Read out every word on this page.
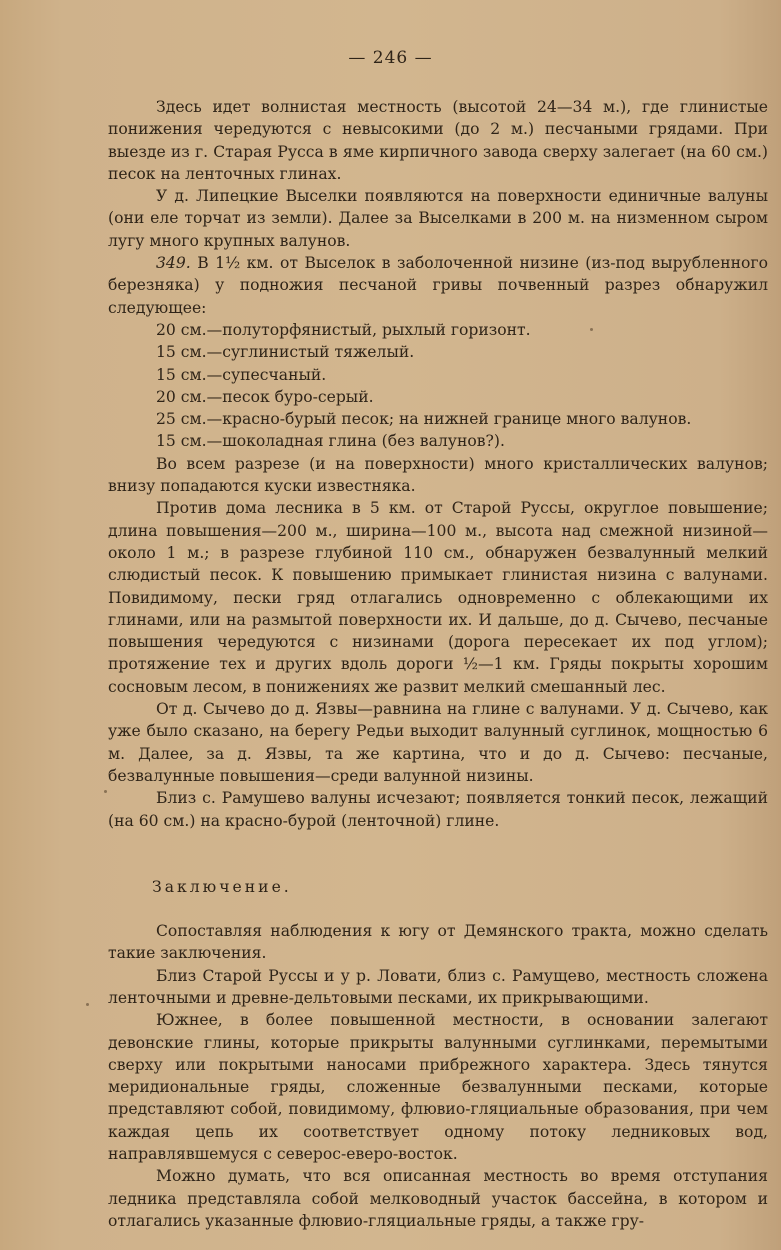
— 246 —

Здесь идет волнистая местность (высотой 24—34 м.), где глинистые понижения чередуются с невысокими (до 2 м.) песчаными грядами. При выезде из г. Старая Русса в яме кирпичного завода сверху залегает (на 60 см.) песок на ленточных глинах.

У д. Липецкие Выселки появляются на поверхности единичные валуны (они еле торчат из земли). Далее за Выселками в 200 м. на низменном сыром лугу много крупных валунов.

349. В 1½ км. от Выселок в заболоченной низине (из-под вырубленного березняка) у подножия песчаной гривы почвенный разрез обнаружил следующее:

20 см.—полуторфянистый, рыхлый горизонт.
15 см.—суглинистый тяжелый.
15 см.—супесчаный.
20 см.—песок буро-серый.
25 см.—красно-бурый песок; на нижней границе много валунов.
15 см.—шоколадная глина (без валунов?).

Во всем разрезе (и на поверхности) много кристаллических валунов; внизу попадаются куски известняка.

Против дома лесника в 5 км. от Старой Руссы, округлое повышение; длина повышения—200 м., ширина—100 м., высота над смежной низиной—около 1 м.; в разрезе глубиной 110 см., обнаружен безвалунный мелкий слюдистый песок. К повышению примыкает глинистая низина с валунами. Повидимому, пески гряд отлагались одновременно с облекающими их глинами, или на размытой поверхности их. И дальше, до д. Сычево, песчаные повышения чередуются с низинами (дорога пересекает их под углом); протяжение тех и других вдоль дороги ½—1 км. Гряды покрыты хорошим сосновым лесом, в понижениях же развит мелкий смешанный лес.

От д. Сычево до д. Язвы—равнина на глине с валунами. У д. Сычево, как уже было сказано, на берегу Редьи выходит валунный суглинок, мощностью 6 м. Далее, за д. Язвы, та же картина, что и до д. Сычево: песчаные, безвалунные повышения—среди валунной низины.

Близ с. Рамушево валуны исчезают; появляется тонкий песок, лежащий (на 60 см.) на красно-бурой (ленточной) глине.

Заключение.

Сопоставляя наблюдения к югу от Демянского тракта, можно сделать такие заключения.

Близ Старой Руссы и у р. Ловати, близ с. Рамущево, местность сложена ленточными и древне-дельтовыми песками, их прикрывающими.

Южнее, в более повышенной местности, в основании залегают девонские глины, которые прикрыты валунными суглинками, перемытыми сверху или покрытыми наносами прибрежного характера. Здесь тянутся меридиональные гряды, сложенные безвалунными песками, которые представляют собой, повидимому, флювио-гляциальные образования, при чем каждая цепь их соответствует одному потоку ледниковых вод, направлявшемуся с северос-еверо-восток.

Можно думать, что вся описанная местность во время отступания ледника представляла собой мелководный участок бассейна, в котором и отлагались указанные флювио-гляциальные гряды, а также гру-
